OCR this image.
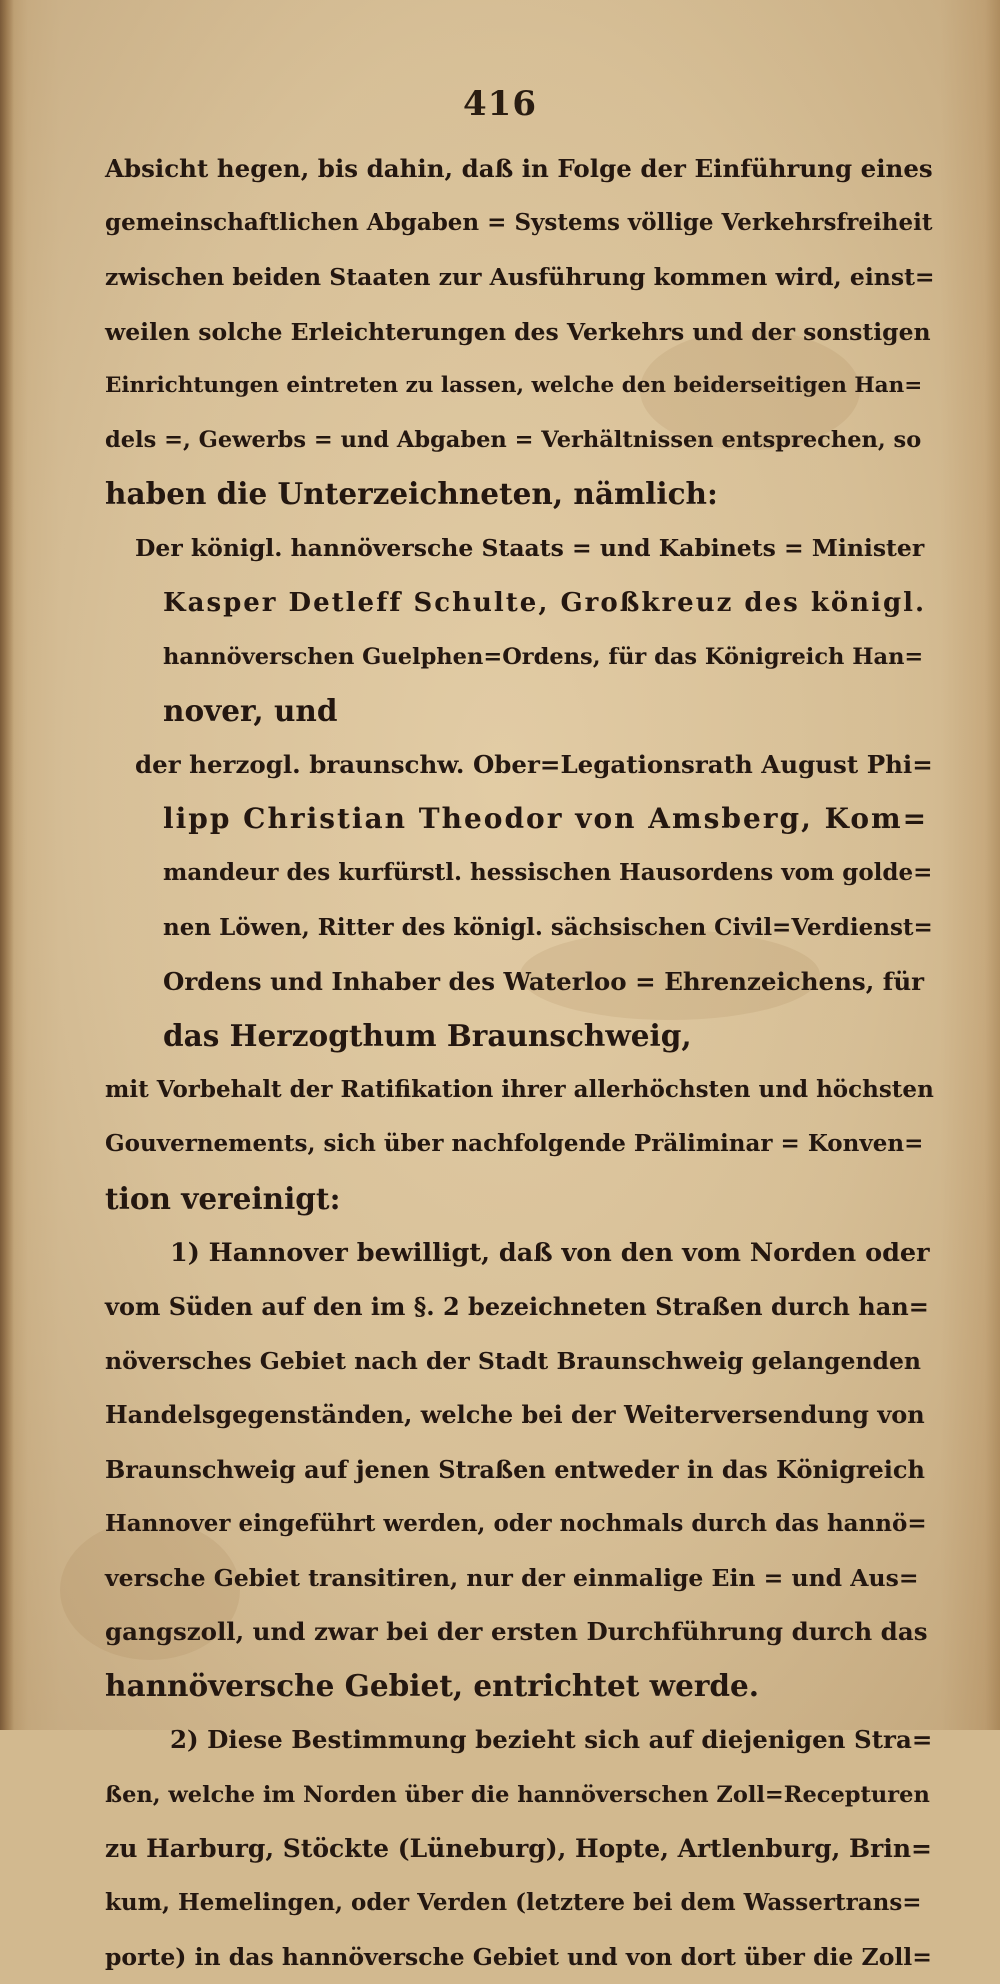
416
Absicht hegen, bis dahin, daß in Folge der Einführung eines
gemeinschaftlichen Abgaben = Systems völlige Verkehrsfreiheit
zwischen beiden Staaten zur Ausführung kommen wird, einst=
weilen solche Erleichterungen des Verkehrs und der sonstigen
Einrichtungen eintreten zu lassen, welche den beiderseitigen Han=
dels =, Gewerbs = und Abgaben = Verhältnissen entsprechen, so
haben die Unterzeichneten, nämlich:
Der königl. hannöversche Staats = und Kabinets = Minister
Kasper Detleff Schulte, Großkreuz des königl.
hannöverschen Guelphen=Ordens, für das Königreich Han=
nover, und
der herzogl. braunschw. Ober=Legationsrath August Phi=
lipp Christian Theodor von Amsberg, Kom=
mandeur des kurfürstl. hessischen Hausordens vom golde=
nen Löwen, Ritter des königl. sächsischen Civil=Verdienst=
Ordens und Inhaber des Waterloo = Ehrenzeichens, für
das Herzogthum Braunschweig,
mit Vorbehalt der Ratifikation ihrer allerhöchsten und höchsten
Gouvernements, sich über nachfolgende Präliminar = Konven=
tion vereinigt:
1) Hannover bewilligt, daß von den vom Norden oder
vom Süden auf den im §. 2 bezeichneten Straßen durch han=
növersches Gebiet nach der Stadt Braunschweig gelangenden
Handelsgegenständen, welche bei der Weiterversendung von
Braunschweig auf jenen Straßen entweder in das Königreich
Hannover eingeführt werden, oder nochmals durch das hannö=
versche Gebiet transitiren, nur der einmalige Ein = und Aus=
gangszoll, und zwar bei der ersten Durchführung durch das
hannöversche Gebiet, entrichtet werde.
2) Diese Bestimmung bezieht sich auf diejenigen Stra=
ßen, welche im Norden über die hannöverschen Zoll=Recepturen
zu Harburg, Stöckte (Lüneburg), Hopte, Artlenburg, Brin=
kum, Hemelingen, oder Verden (letztere bei dem Wassertrans=
porte) in das hannöversche Gebiet und von dort über die Zoll=
